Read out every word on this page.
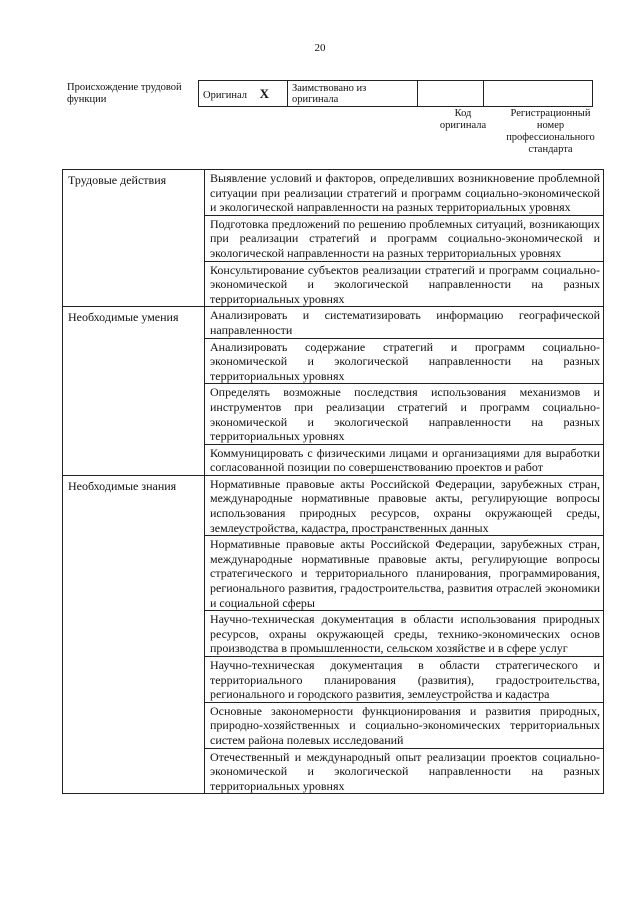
20
Происхождение трудовой функции	Оригинал X	Заимствовано из оригинала		
Код оригинала
Регистрационный номер профессионального стандарта
Трудовые действия	Выявление условий и факторов, определивших возникновение проблемной ситуации при реализации стратегий и программ социально-экономической и экологической направленности на разных территориальных уровнях
	Подготовка предложений по решению проблемных ситуаций, возникающих при реализации стратегий и программ социально-экономической и экологической направленности на разных территориальных уровнях
	Консультирование субъектов реализации стратегий и программ социально-экономической и экологической направленности на разных территориальных уровнях
Необходимые умения	Анализировать и систематизировать информацию географической направленности
	Анализировать содержание стратегий и программ социально-экономической и экологической направленности на разных территориальных уровнях
	Определять возможные последствия использования механизмов и инструментов при реализации стратегий и программ социально-экономической и экологической направленности на разных территориальных уровнях
	Коммуницировать с физическими лицами и организациями для выработки согласованной позиции по совершенствованию проектов и работ
Необходимые знания	Нормативные правовые акты Российской Федерации, зарубежных стран, международные нормативные правовые акты, регулирующие вопросы использования природных ресурсов, охраны окружающей среды, землеустройства, кадастра, пространственных данных
	Нормативные правовые акты Российской Федерации, зарубежных стран, международные нормативные правовые акты, регулирующие вопросы стратегического и территориального планирования, программирования, регионального развития, градостроительства, развития отраслей экономики и социальной сферы
	Научно-техническая документация в области использования природных ресурсов, охраны окружающей среды, технико-экономических основ производства в промышленности, сельском хозяйстве и в сфере услуг
	Научно-техническая документация в области стратегического и территориального планирования (развития), градостроительства, регионального и городского развития, землеустройства и кадастра
	Основные закономерности функционирования и развития природных, природно-хозяйственных и социально-экономических территориальных систем района полевых исследований
	Отечественный и международный опыт реализации проектов социально-экономической и экологической направленности на разных территориальных уровнях
